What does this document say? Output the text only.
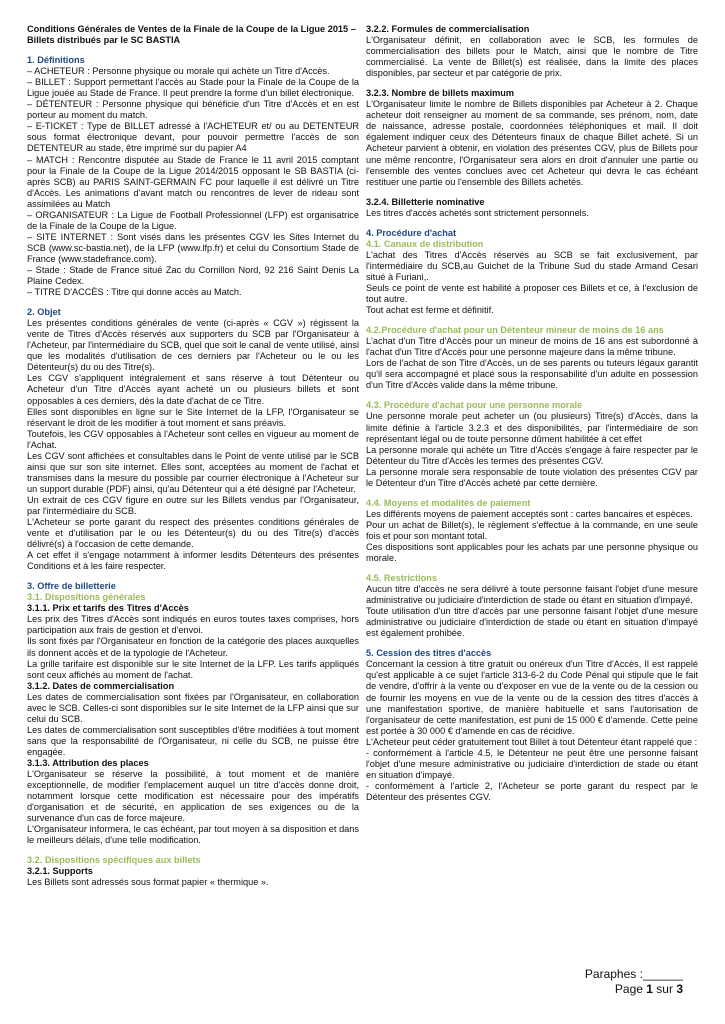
Conditions Générales de Ventes de la Finale de la Coupe de la Ligue 2015 – Billets distribués par le SC BASTIA

1. Définitions

– ACHETEUR : Personne physique ou morale qui achète un Titre d'Accès.

– BILLET : Support permettant l'accès au Stade pour la Finale de la Coupe de la Ligue jouée au Stade de France. Il peut prendre la forme d'un billet électronique.

– DÉTENTEUR : Personne physique qui bénéficie d'un Titre d'Accès et en est porteur au moment du match.

– E-TICKET : Type de BILLET adressé à l'ACHETEUR et/ ou au DETENTEUR sous format électronique devant, pour pouvoir permettre l'accès de son DETENTEUR au stade, être imprimé sur du papier A4

– MATCH : Rencontre disputée au Stade de France le 11 avril 2015 comptant pour la Finale de la Coupe de la Ligue 2014/2015 opposant le SB BASTIA (ci-après SCB) au PARIS SAINT-GERMAIN FC pour laquelle il est délivré un Titre d'Accès. Les animations d'avant match ou rencontres de lever de rideau sont assimilées au Match

– ORGANISATEUR : La Ligue de Football Professionnel (LFP) est organisatrice de la Finale de la Coupe de la Ligue.

– SITE INTERNET : Sont visés dans les présentes CGV les Sites Internet du SCB (www.sc-bastia.net), de la LFP (www.lfp.fr) et celui du Consortium Stade de France (www.stadefrance.com).

– Stade : Stade de France situé Zac du Cornillon Nord, 92 216 Saint Denis La Plaine Cedex.

– TITRE D'ACCÈS : Titre qui donne accès au Match.

2. Objet

Les présentes conditions générales de vente (ci-après « CGV ») régissent la vente de Titres d'Accès réservés aux supporters du SCB par l'Organisateur à l'Acheteur, par l'intermédiaire du SCB, quel que soit le canal de vente utilisé, ainsi que les modalités d'utilisation de ces derniers par l'Acheteur ou le ou les Détenteur(s) du ou des Titre(s).

Les CGV s'appliquent intégralement et sans réserve à tout Détenteur ou Acheteur d'un Titre d'Accès ayant acheté un ou plusieurs billets et sont opposables à ces derniers, dès la date d'achat de ce Titre.

Elles sont disponibles en ligne sur le Site Internet de la LFP, l'Organisateur se réservant le droit de les modifier à tout moment et sans préavis.

Toutefois, les CGV opposables à l'Acheteur sont celles en vigueur au moment de l'Achat.

Les CGV sont affichées et consultables dans le Point de vente utilisé par le SCB ainsi que sur son site internet. Elles sont, acceptées au moment de l'achat et transmises dans la mesure du possible par courrier électronique à l'Acheteur sur un support durable (PDF) ainsi, qu'au Détenteur qui a été désigné par l'Acheteur.

Un extrait de ces CGV figure en outre sur les Billets vendus par l'Organisateur, par l'intermédiaire du SCB.

L'Acheteur se porte garant du respect des présentes conditions générales de vente et d'utilisation par le ou les Détenteur(s) du ou des Titre(s) d'accès délivré(s) à l'occasion de cette demande.

A cet effet il s'engage notamment à informer lesdits Détenteurs des présentes Conditions et à les faire respecter.

3. Offre de billetterie

3.1. Dispositions générales

3.1.1. Prix et tarifs des Titres d'Accès

Les prix des Titres d'Accès sont indiqués en euros toutes taxes comprises, hors participation aux frais de gestion et d'envoi.

Ils sont fixés par l'Organisateur en fonction de la catégorie des places auxquelles ils donnent accès et de la typologie de l'Acheteur.

La grille tarifaire est disponible sur le site Internet de la LFP. Les tarifs appliqués sont ceux affichés au moment de l'achat.

3.1.2. Dates de commercialisation

Les dates de commercialisation sont fixées par l'Organisateur, en collaboration avec le SCB. Celles-ci sont disponibles sur le site Internet de la LFP ainsi que sur celui du SCB.

Les dates de commercialisation sont susceptibles d'être modifiées à tout moment sans que la responsabilité de l'Organisateur, ni celle du SCB, ne puisse être engagée.

3.1.3. Attribution des places

L'Organisateur se réserve la possibilité, à tout moment et de manière exceptionnelle, de modifier l'emplacement auquel un titre d'accès donne droit, notamment lorsque cette modification est nécessaire pour des impératifs d'organisation et de sécurité, en application de ses exigences ou de la survenance d'un cas de force majeure.

L'Organisateur informera, le cas échéant, par tout moyen à sa disposition et dans le meilleurs délais, d'une telle modification.

3.2. Dispositions spécifiques aux billets

3.2.1. Supports

Les Billets sont adressés sous format papier « thermique ».

3.2.2. Formules de commercialisation

L'Organisateur définit, en collaboration avec le SCB, les formules de commercialisation des billets pour le Match, ainsi que le nombre de Titre commercialisé. La vente de Billet(s) est réalisée, dans la limite des places disponibles, par secteur et par catégorie de prix.

3.2.3. Nombre de billets maximum

L'Organisateur limite le nombre de Billets disponibles par Acheteur à 2. Chaque acheteur doit renseigner au moment de sa commande, ses prénom, nom, date de naissance, adresse postale, coordonnées téléphoniques et mail. Il doit également indiquer ceux des Détenteurs finaux de chaque Billet acheté. Si un Acheteur parvient à obtenir, en violation des présentes CGV, plus de Billets pour une même rencontre, l'Organisateur sera alors en droit d'annuler une partie ou l'ensemble des ventes conclues avec cet Acheteur qui devra le cas échéant restituer une partie ou l'ensemble des Billets achetés.

3.2.4. Billetterie nominative

Les titres d'accès achetés sont strictement personnels.

4. Procédure d'achat

4.1. Canaux de distribution

L'achat des Titres d'Accès réservés au SCB se fait exclusivement, par l'intermédiaire du SCB,au Guichet de la Tribune Sud du stade Armand Cesari situé à Furiani,.

Seuls ce point de vente est habilité à proposer ces Billets et ce, à l'exclusion de tout autre.

Tout achat est ferme et définitif.

4.2.Procédure d'achat pour un Détenteur mineur de moins de 16 ans

L'achat d'un Titre d'Accès pour un mineur de moins de 16 ans est subordonné à l'achat d'un Titre d'Accès pour une personne majeure dans la même tribune.

Lors de l'achat de son Titre d'Accès, un de ses parents ou tuteurs légaux garantit qu'il sera accompagné et placé sous la responsabilité d'un adulte en possession d'un Titre d'Accès valide dans la même tribune.

4.3. Procédure d'achat pour une personne morale

Une personne morale peut acheter un (ou plusieurs) Titre(s) d'Accès, dans la limite définie à l'article 3.2.3 et des disponibilités, par l'intermédiaire de son représentant légal ou de toute personne dûment habilitée à cet effet

La personne morale qui achète un Titre d'Accès s'engage à faire respecter par le Détenteur du Titre d'Accès les termes des présentes CGV.

La personne morale sera responsable de toute violation des présentes CGV par le Détenteur d'un Titre d'Accès acheté par cette dernière.

4.4. Moyens et modalités de paiement

Les différents moyens de paiement acceptés sont : cartes bancaires et espèces.

Pour un achat de Billet(s), le règlement s'effectue à la commande, en une seule fois et pour son montant total.

Ces dispositions sont applicables pour les achats par une personne physique ou morale.

4.5. Restrictions

Aucun titre d'accès ne sera délivré à toute personne faisant l'objet d'une mesure administrative ou judiciaire d'interdiction de stade ou étant en situation d'impayé.

Toute utilisation d'un titre d'accès par une personne faisant l'objet d'une mesure administrative ou judiciaire d'interdiction de stade ou étant en situation d'impayé est également prohibée.

5. Cession des titres d'accès

Concernant la cession à titre gratuit ou onéreux d'un Titre d'Accès, Il est rappelé qu'est applicable à ce sujet l'article 313-6-2 du Code Pénal qui stipule que le fait de vendre, d'offrir à la vente ou d'exposer en vue de la vente ou de la cession ou de fournir les moyens en vue de la vente ou de la cession des titres d'accès à une manifestation sportive, de manière habituelle et sans l'autorisation de l'organisateur de cette manifestation, est puni de 15 000 € d'amende. Cette peine est portée à 30 000 € d'amende en cas de récidive.

L'Acheteur peut céder gratuitement tout Billet à tout Détenteur étant rappelé que :

- conformément à l'article 4.5, le Détenteur ne peut être une personne faisant l'objet d'une mesure administrative ou judiciaire d'interdiction de stade ou étant en situation d'impayé.

- conformément à l'article 2, l'Acheteur se porte garant du respect par le Détenteur des présentes CGV.

Paraphes :______
Page 1 sur 3
